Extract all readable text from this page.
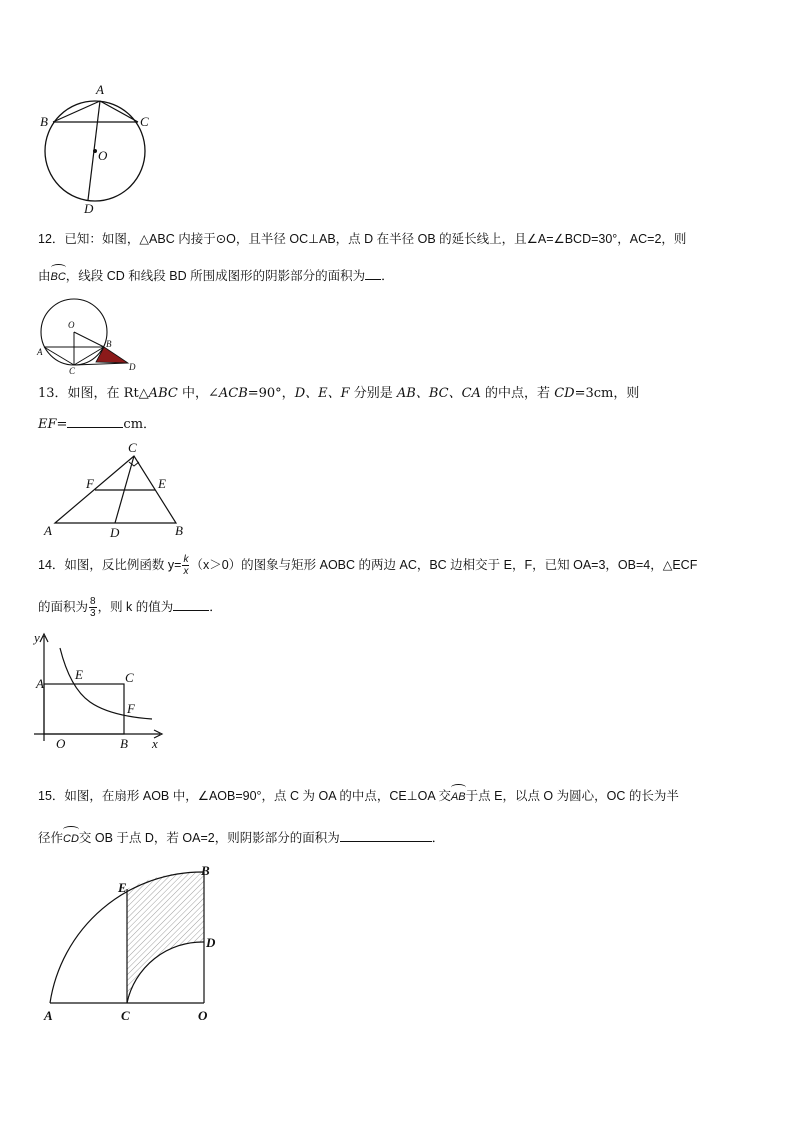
A
B	C
O
D
12．已知：如图，△ABC 内接于⊙O，且半径 OC⊥AB，点 D 在半径 OB 的延长线上，且∠A=∠BCD=30°，AC=2，则
由BC，线段 CD 和线段 BD 所围成图形的阴影部分的面积为 ．
O
A
B
C	D
13．如图，在 Rt△ABC 中，∠ACB=90°，D、E、F 分别是 AB、BC、CA 的中点，若 CD=3cm，则
EF=	cm．
C
F	E
A	D	B
14．如图，反比例函数 $y= \frac{k}{x} (x>0)$的图象与矩形 AOBC 的两边 AC，BC 边相交于 E，F，已知 OA=3，OB=4，△ECF
的面积为 $\frac{8}{3}$ ，则 k 的值为	．
y
E	C
A
F
O	B x
15．如图，在扇形 AOB 中，∠AOB=90°，点 C 为 OA 的中点，CE⊥OA 交AB于点 E，以点 O 为圆心，OC 的长为半
径作CD交 OB 于点 D，若 OA=2，则阴影部分的面积为	．
E
B
D
A	C	O
